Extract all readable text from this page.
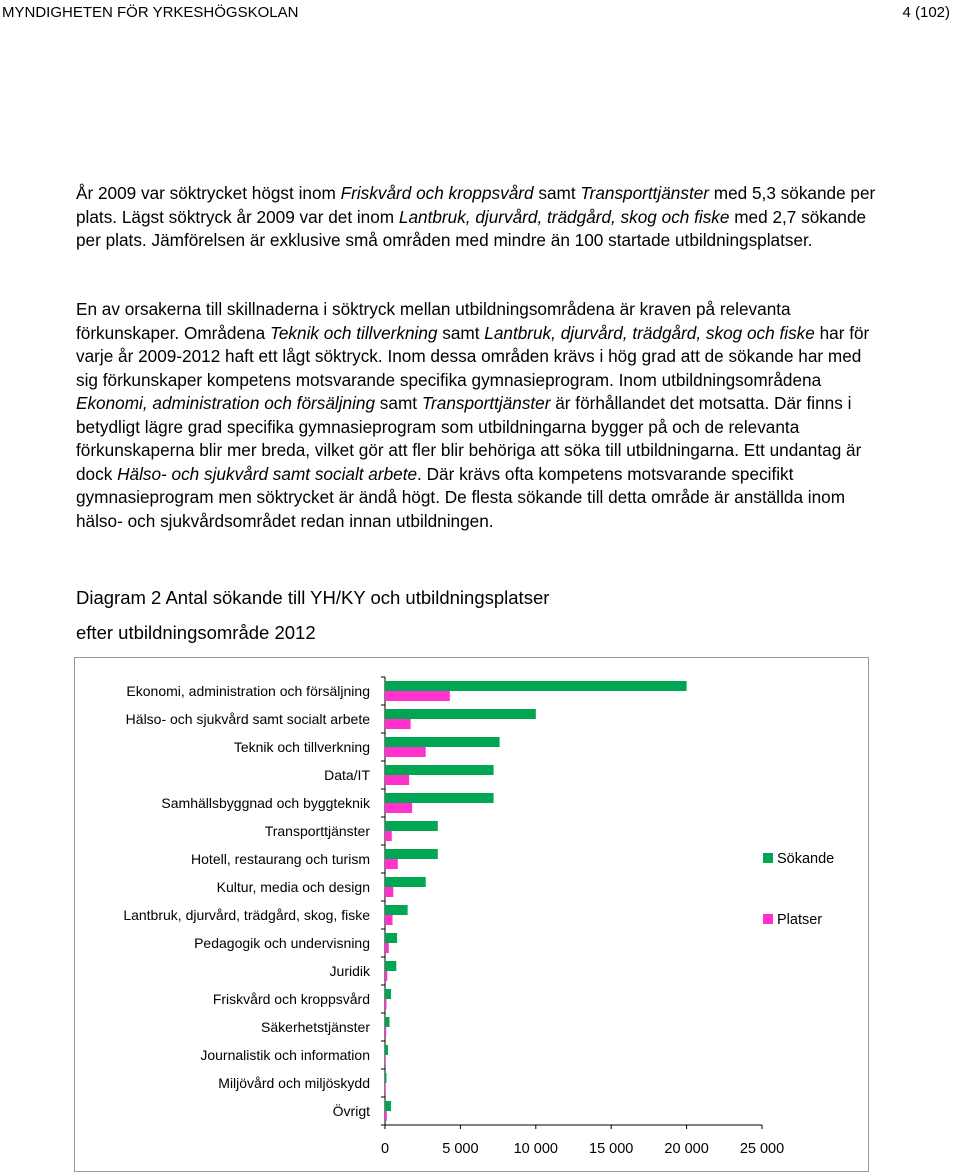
MYNDIGHETEN FÖR YRKESHÖGSKOLAN	4 (102)

År 2009 var söktrycket högst inom Friskvård och kroppsvård samt Transporttjänster med 5,3 sökande per plats. Lägst söktryck år 2009 var det inom Lantbruk, djurvård, trädgård, skog och fiske med 2,7 sökande per plats. Jämförelsen är exklusive små områden med mindre än 100 startade utbildningsplatser.

En av orsakerna till skillnaderna i söktryck mellan utbildningsområdena är kraven på relevanta förkunskaper. Områdena Teknik och tillverkning samt Lantbruk, djurvård, trädgård, skog och fiske har för varje år 2009-2012 haft ett lågt söktryck. Inom dessa områden krävs i hög grad att de sökande har med sig förkunskaper kompetens motsvarande specifika gymnasieprogram. Inom utbildningsområdena Ekonomi, administration och försäljning samt Transporttjänster är förhållandet det motsatta. Där finns i betydligt lägre grad specifika gymnasieprogram som utbildningarna bygger på och de relevanta förkunskaperna blir mer breda, vilket gör att fler blir behöriga att söka till utbildningarna. Ett undantag är dock Hälso- och sjukvård samt socialt arbete. Där krävs ofta kompetens motsvarande specifikt gymnasieprogram men söktrycket är ändå högt. De flesta sökande till detta område är anställda inom hälso- och sjukvårdsområdet redan innan utbildningen.

Diagram 2 Antal sökande till YH/KY och utbildningsplatser
efter utbildningsområde 2012
Ekonomi, administration och försäljning
Hälso- och sjukvård samt socialt arbete
Teknik och tillverkning
Data/IT
Samhällsbyggnad och byggteknik
Transporttjänster
Hotell, restaurang och turism
Kultur, media och design
Lantbruk, djurvård, trädgård, skog, fiske
Pedagogik och undervisning
Juridik
Friskvård och kroppsvård
Säkerhetstjänster
Journalistik och information
Miljövård och miljöskydd
Övrigt
0	5 000 10 000 15 000 20 000 25 000
Sökande
Platser
